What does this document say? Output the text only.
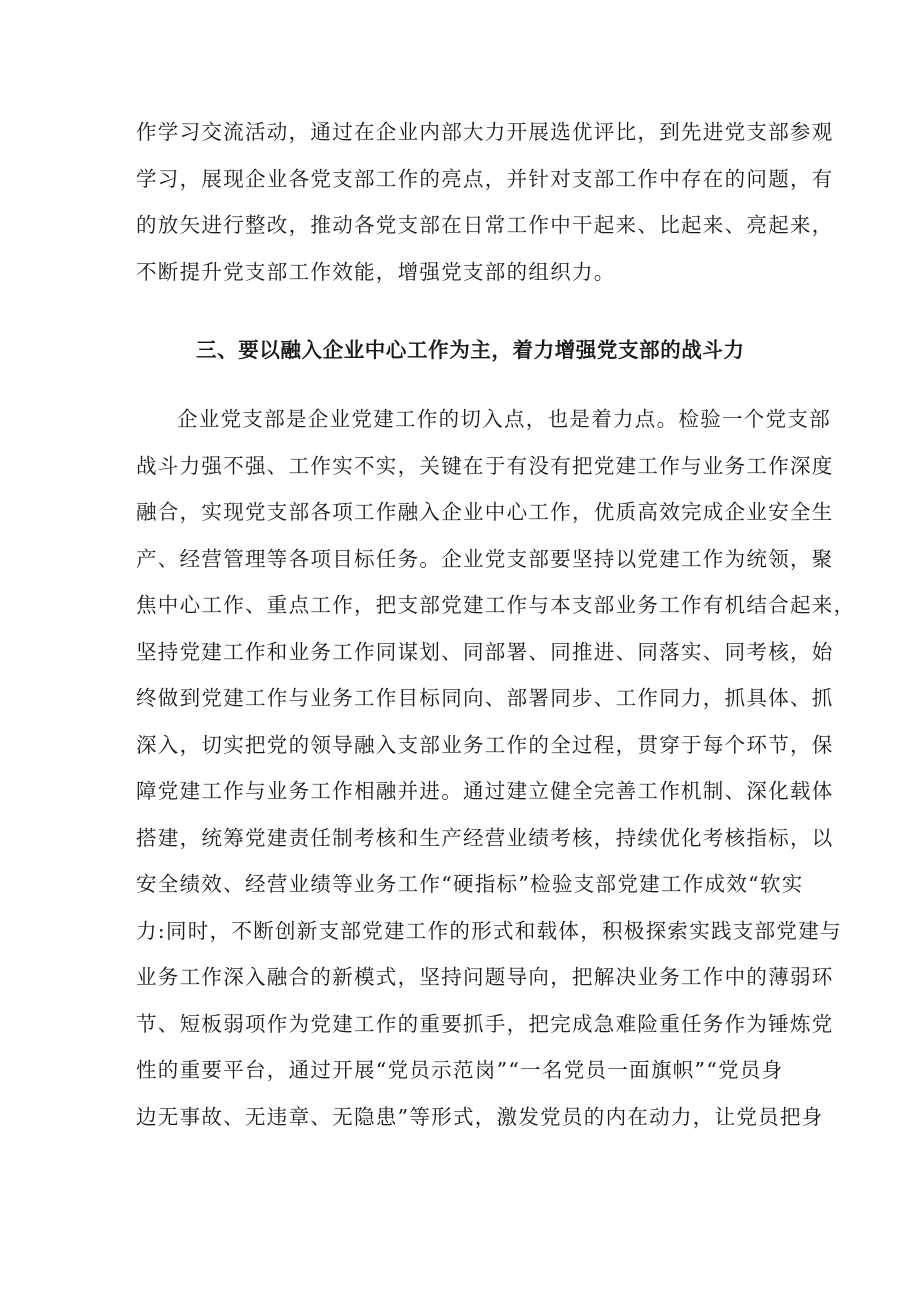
作学习交流活动，通过在企业内部大力开展选优评比，到先进党支部参观
学习，展现企业各党支部工作的亮点，并针对支部工作中存在的问题，有
的放矢进行整改，推动各党支部在日常工作中干起来、比起来、亮起来，
不断提升党支部工作效能，增强党支部的组织力。
三、要以融入企业中心工作为主，着力增强党支部的战斗力
企业党支部是企业党建工作的切入点，也是着力点。检验一个党支部
战斗力强不强、工作实不实，关键在于有没有把党建工作与业务工作深度
融合，实现党支部各项工作融入企业中心工作，优质高效完成企业安全生
产、经营管理等各项目标任务。企业党支部要坚持以党建工作为统领，聚
焦中心工作、重点工作，把支部党建工作与本支部业务工作有机结合起来，
坚持党建工作和业务工作同谋划、同部署、同推进、同落实、同考核，始
终做到党建工作与业务工作目标同向、部署同步、工作同力，抓具体、抓
深入，切实把党的领导融入支部业务工作的全过程，贯穿于每个环节，保
障党建工作与业务工作相融并进。通过建立健全完善工作机制、深化载体
搭建，统筹党建责任制考核和生产经营业绩考核，持续优化考核指标，以
安全绩效、经营业绩等业务工作“硬指标”检验支部党建工作成效“软实
力:同时，不断创新支部党建工作的形式和载体，积极探索实践支部党建与
业务工作深入融合的新模式，坚持问题导向，把解决业务工作中的薄弱环
节、短板弱项作为党建工作的重要抓手，把完成急难险重任务作为锤炼党
性的重要平台，通过开展“党员示范岗”“一名党员一面旗帜”“党员身
边无事故、无违章、无隐患”等形式，激发党员的内在动力，让党员把身
